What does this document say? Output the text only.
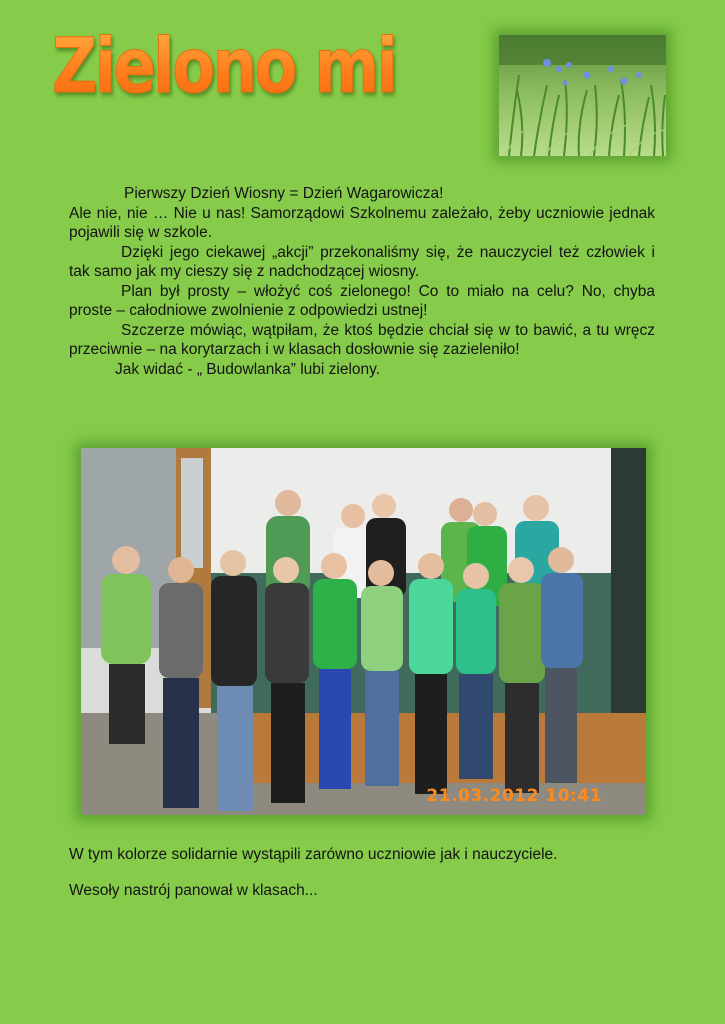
Zielono mi

Pierwszy Dzień Wiosny = Dzień Wagarowicza!

Ale nie, nie … Nie u nas! Samorządowi Szkolnemu zależało, żeby uczniowie jednak pojawili się w szkole.

Dzięki jego ciekawej „akcji” przekonaliśmy się, że nauczyciel też człowiek i tak samo jak my cieszy się z nadchodzącej wiosny.

Plan był prosty – włożyć coś zielonego! Co to miało na celu? No, chyba proste – całodniowe zwolnienie z odpowiedzi ustnej!

Szczerze mówiąc, wątpiłam, że ktoś będzie chciał się w to bawić, a tu wręcz przeciwnie – na korytarzach i w klasach dosłownie się zazieleniło!

Jak widać - „ Budowlanka” lubi zielony.

21.03.2012 10:41
W tym kolorze solidarnie wystąpili zarówno uczniowie jak i nauczyciele.
Wesoły nastrój panował w klasach...
